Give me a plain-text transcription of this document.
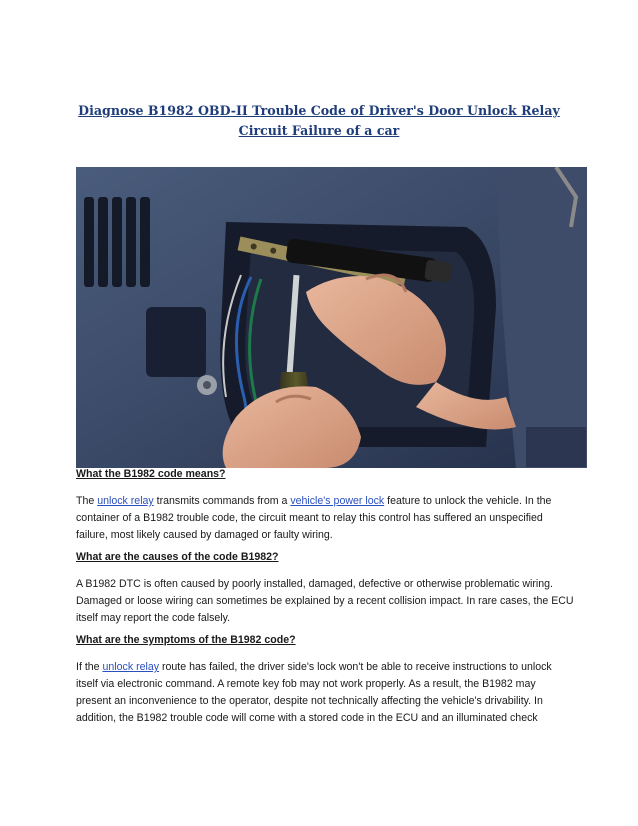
Diagnose B1982 OBD-II Trouble Code of Driver's Door Unlock Relay
Circuit Failure of a car
What the B1982 code means?
The unlock relay transmits commands from a vehicle's power lock feature to unlock the vehicle. In the
container of a B1982 trouble code, the circuit meant to relay this control has suffered an unspecified
failure, most likely caused by damaged or faulty wiring.
What are the causes of the code B1982?
A B1982 DTC is often caused by poorly installed, damaged, defective or otherwise problematic wiring.
Damaged or loose wiring can sometimes be explained by a recent collision impact. In rare cases, the ECU
itself may report the code falsely.
What are the symptoms of the B1982 code?
If the unlock relay route has failed, the driver side's lock won't be able to receive instructions to unlock
itself via electronic command. A remote key fob may not work properly. As a result, the B1982 may
present an inconvenience to the operator, despite not technically affecting the vehicle's drivability. In
addition, the B1982 trouble code will come with a stored code in the ECU and an illuminated check
